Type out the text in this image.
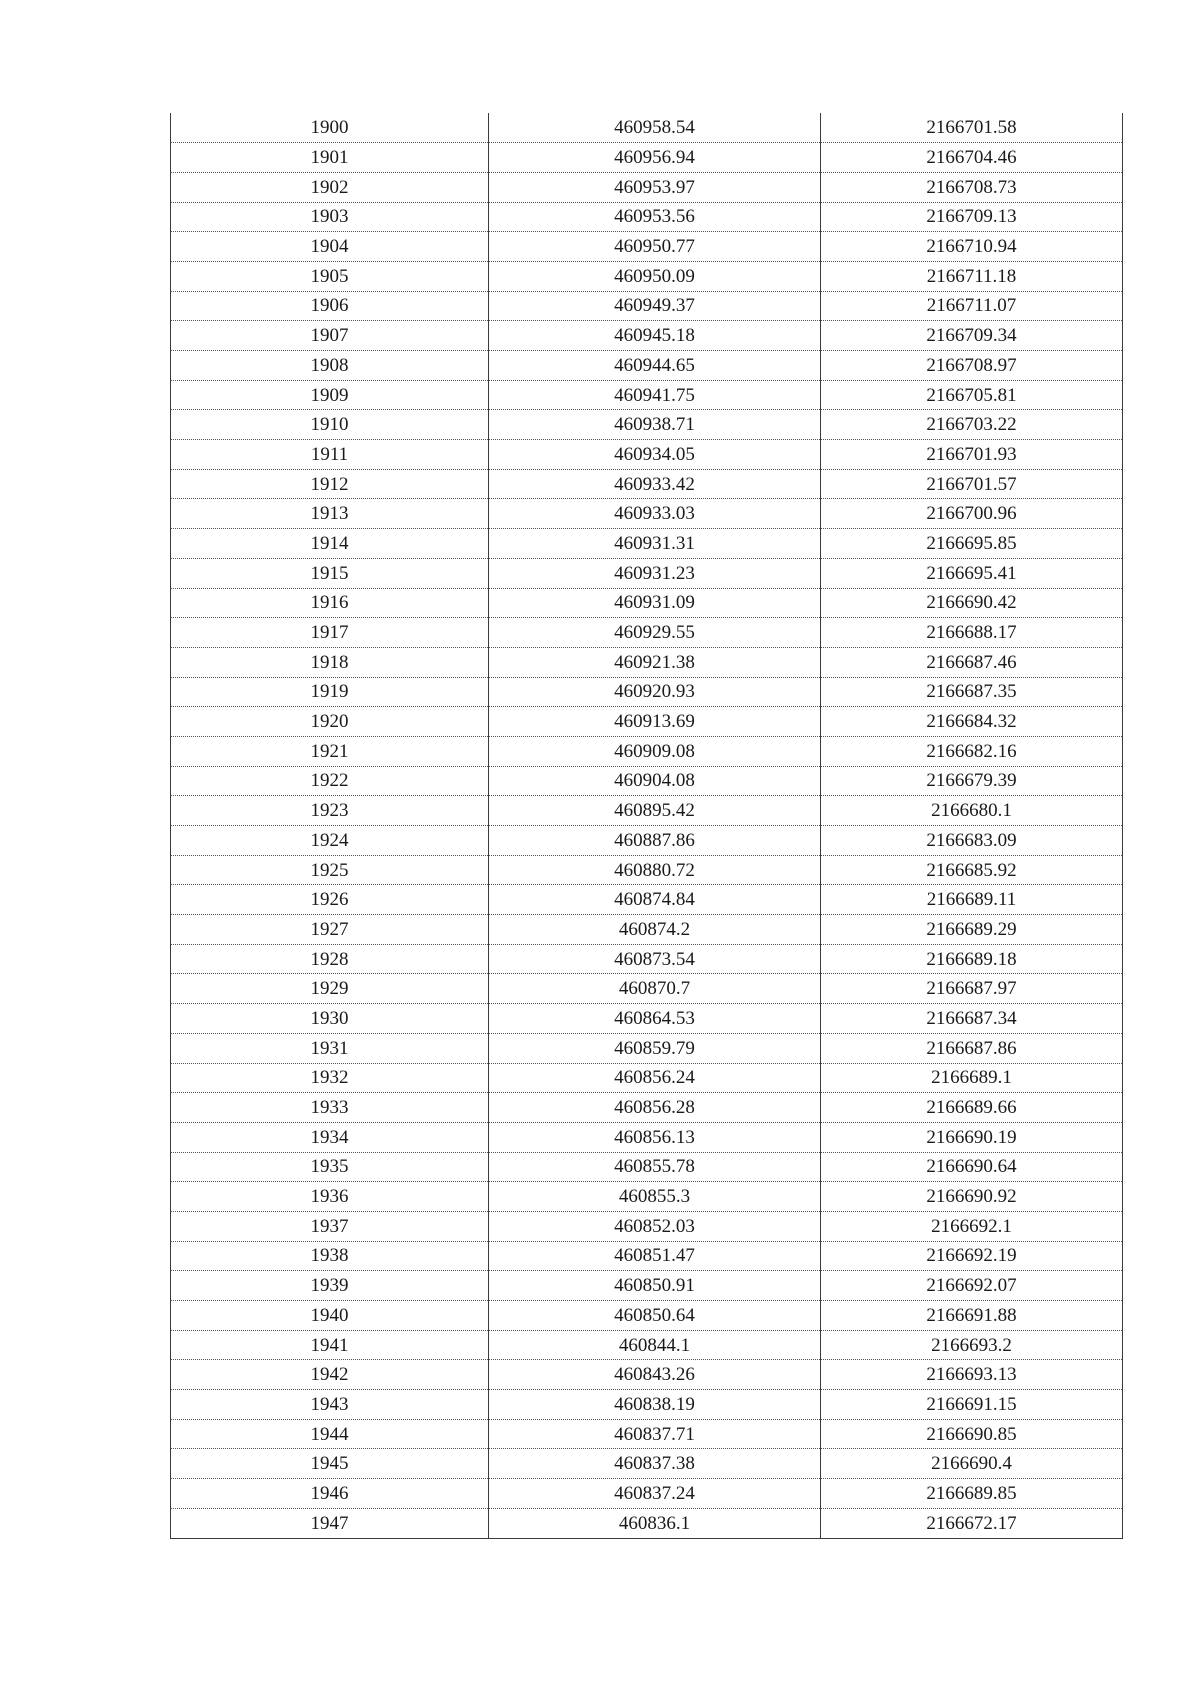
1900	460958.54	2166701.58
1901	460956.94	2166704.46
1902	460953.97	2166708.73
1903	460953.56	2166709.13
1904	460950.77	2166710.94
1905	460950.09	2166711.18
1906	460949.37	2166711.07
1907	460945.18	2166709.34
1908	460944.65	2166708.97
1909	460941.75	2166705.81
1910	460938.71	2166703.22
1911	460934.05	2166701.93
1912	460933.42	2166701.57
1913	460933.03	2166700.96
1914	460931.31	2166695.85
1915	460931.23	2166695.41
1916	460931.09	2166690.42
1917	460929.55	2166688.17
1918	460921.38	2166687.46
1919	460920.93	2166687.35
1920	460913.69	2166684.32
1921	460909.08	2166682.16
1922	460904.08	2166679.39
1923	460895.42	2166680.1
1924	460887.86	2166683.09
1925	460880.72	2166685.92
1926	460874.84	2166689.11
1927	460874.2	2166689.29
1928	460873.54	2166689.18
1929	460870.7	2166687.97
1930	460864.53	2166687.34
1931	460859.79	2166687.86
1932	460856.24	2166689.1
1933	460856.28	2166689.66
1934	460856.13	2166690.19
1935	460855.78	2166690.64
1936	460855.3	2166690.92
1937	460852.03	2166692.1
1938	460851.47	2166692.19
1939	460850.91	2166692.07
1940	460850.64	2166691.88
1941	460844.1	2166693.2
1942	460843.26	2166693.13
1943	460838.19	2166691.15
1944	460837.71	2166690.85
1945	460837.38	2166690.4
1946	460837.24	2166689.85
1947	460836.1	2166672.17
